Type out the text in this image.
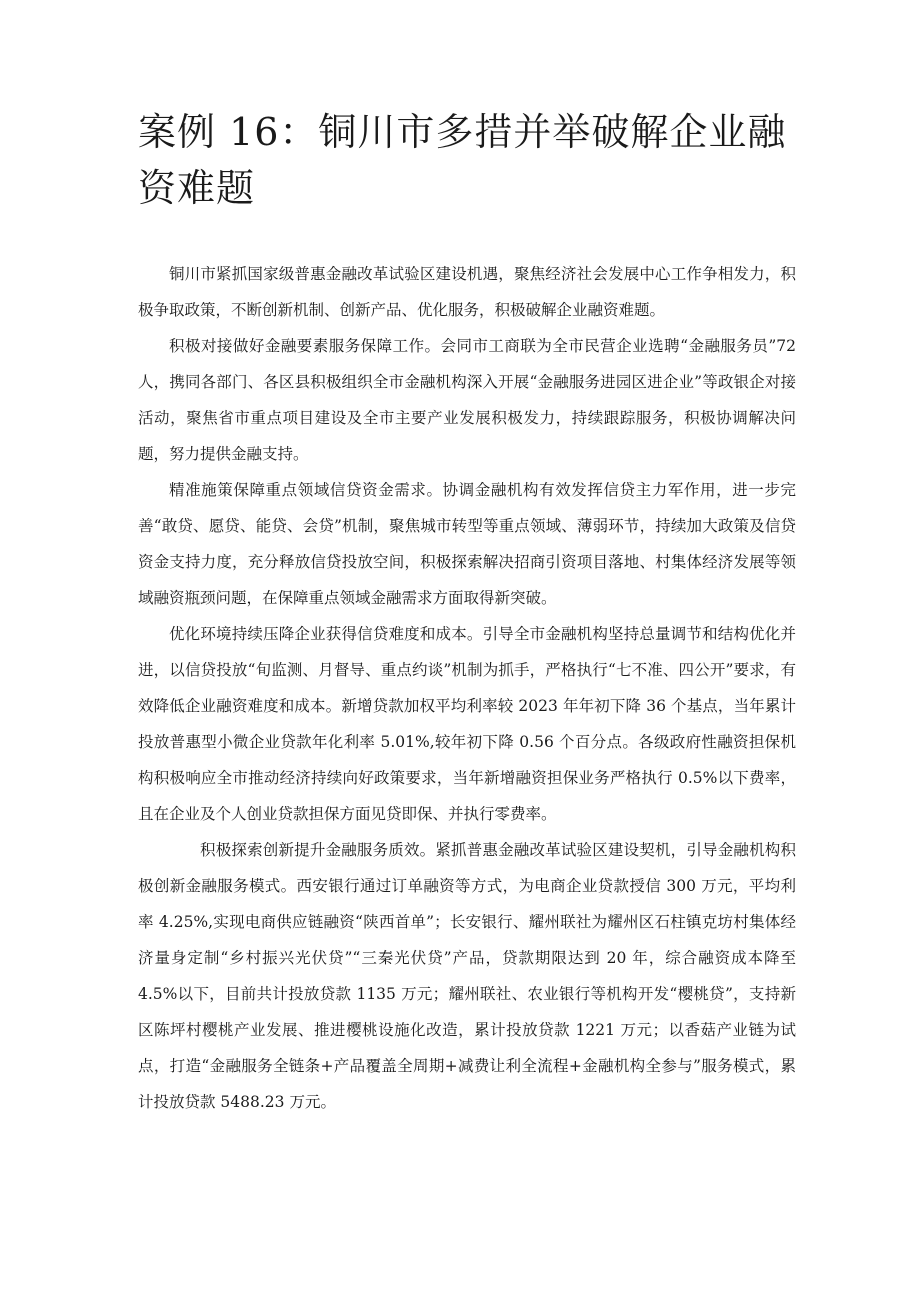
案例 16：铜川市多措并举破解企业融资难题

铜川市紧抓国家级普惠金融改革试验区建设机遇，聚焦经济社会发展中心工作争相发力，积极争取政策，不断创新机制、创新产品、优化服务，积极破解企业融资难题。

积极对接做好金融要素服务保障工作。会同市工商联为全市民营企业选聘“金融服务员”72 人，携同各部门、各区县积极组织全市金融机构深入开展“金融服务进园区进企业”等政银企对接活动，聚焦省市重点项目建设及全市主要产业发展积极发力，持续跟踪服务，积极协调解决问题，努力提供金融支持。

精准施策保障重点领域信贷资金需求。协调金融机构有效发挥信贷主力军作用，进一步完善“敢贷、愿贷、能贷、会贷”机制，聚焦城市转型等重点领域、薄弱环节，持续加大政策及信贷资金支持力度，充分释放信贷投放空间，积极探索解决招商引资项目落地、村集体经济发展等领域融资瓶颈问题，在保障重点领域金融需求方面取得新突破。

优化环境持续压降企业获得信贷难度和成本。引导全市金融机构坚持总量调节和结构优化并进，以信贷投放“旬监测、月督导、重点约谈”机制为抓手，严格执行“七不准、四公开”要求，有效降低企业融资难度和成本。新增贷款加权平均利率较 2023 年年初下降 36 个基点，当年累计投放普惠型小微企业贷款年化利率 5.01%,较年初下降 0.56 个百分点。各级政府性融资担保机构积极响应全市推动经济持续向好政策要求，当年新增融资担保业务严格执行 0.5%以下费率，且在企业及个人创业贷款担保方面见贷即保、并执行零费率。

积极探索创新提升金融服务质效。紧抓普惠金融改革试验区建设契机，引导金融机构积极创新金融服务模式。西安银行通过订单融资等方式，为电商企业贷款授信 300 万元，平均利率 4.25%,实现电商供应链融资“陕西首单”；长安银行、耀州联社为耀州区石柱镇克坊村集体经济量身定制“乡村振兴光伏贷”“三秦光伏贷”产品，贷款期限达到 20 年，综合融资成本降至 4.5%以下，目前共计投放贷款 1135 万元；耀州联社、农业银行等机构开发“樱桃贷”，支持新区陈坪村樱桃产业发展、推进樱桃设施化改造，累计投放贷款 1221 万元；以香菇产业链为试点，打造“金融服务全链条+产品覆盖全周期+减费让利全流程+金融机构全参与”服务模式，累计投放贷款 5488.23 万元。
